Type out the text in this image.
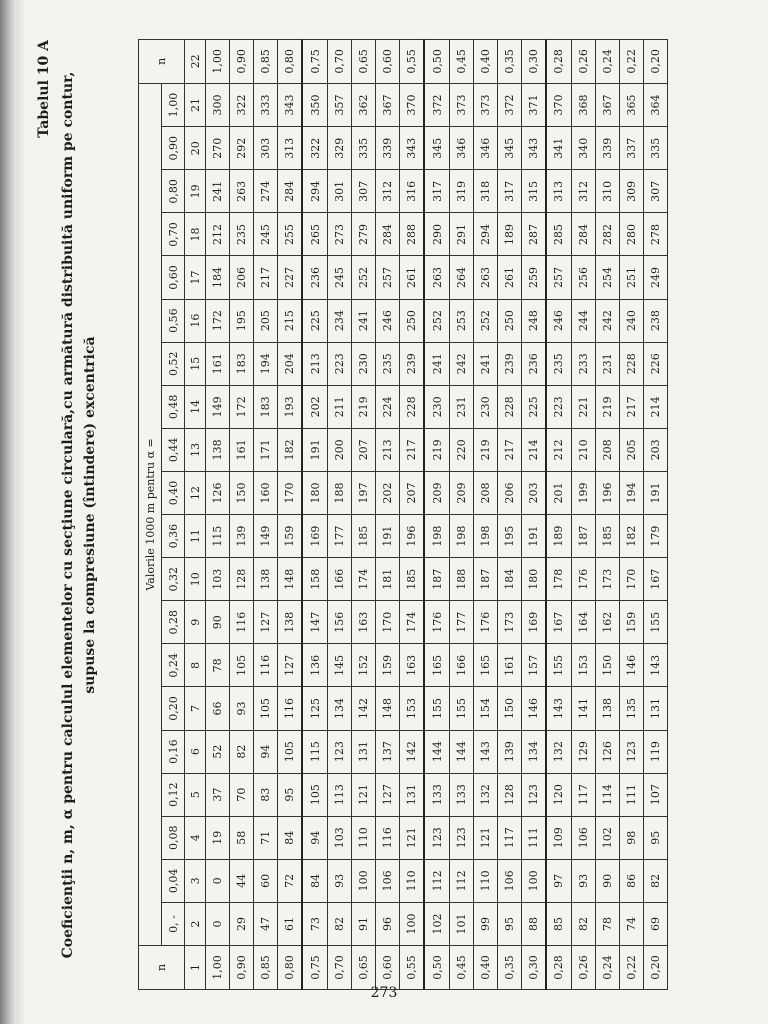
Tabelul 10 A Coeficienţii n, m, α pentru calculul elementelor cu secţiune circulară,cu armătură distribuită uniform pe contur, supuse la compresiune (întindere) excentrică
n	Valorile 1000 m pentru α =																				n
	0, -	0,04	0,08	0,12	0,16	0,20	0,24	0,28	0,32	0,36	0,40	0,44	0,48	0,52	0,56	0,60	0,70	0,80	0,90	1,00	
1	2	3	4	5	6	7	8	9	10	11	12	13	14	15	16	17	18	19	20	21	22
1,00	0	0	19	37	52	66	78	90	103	115	126	138	149	161	172	184	212	241	270	300	1,00
0,90	29	44	58	70	82	93	105	116	128	139	150	161	172	183	195	206	235	263	292	322	0,90
0,85	47	60	71	83	94	105	116	127	138	149	160	171	183	194	205	217	245	274	303	333	0,85
0,80	61	72	84	95	105	116	127	138	148	159	170	182	193	204	215	227	255	284	313	343	0,80
0,75	73	84	94	105	115	125	136	147	158	169	180	191	202	213	225	236	265	294	322	350	0,75
0,70	82	93	103	113	123	134	145	156	166	177	188	200	211	223	234	245	273	301	329	357	0,70
0,65	91	100	110	121	131	142	152	163	174	185	197	207	219	230	241	252	279	307	335	362	0,65
0,60	96	106	116	127	137	148	159	170	181	191	202	213	224	235	246	257	284	312	339	367	0,60
0,55	100	110	121	131	142	153	163	174	185	196	207	217	228	239	250	261	288	316	343	370	0,55
0,50	102	112	123	133	144	155	165	176	187	198	209	219	230	241	252	263	290	317	345	372	0,50
0,45	101	112	123	133	144	155	166	177	188	198	209	220	231	242	253	264	291	319	346	373	0,45
0,40	99	110	121	132	143	154	165	176	187	198	208	219	230	241	252	263	294	318	346	373	0,40
0,35	95	106	117	128	139	150	161	173	184	195	206	217	228	239	250	261	189	317	345	372	0,35
0,30	88	100	111	123	134	146	157	169	180	191	203	214	225	236	248	259	287	315	343	371	0,30
0,28	85	97	109	120	132	143	155	167	178	189	201	212	223	235	246	257	285	313	341	370	0,28
0,26	82	93	106	117	129	141	153	164	176	187	199	210	221	233	244	256	284	312	340	368	0,26
0,24	78	90	102	114	126	138	150	162	173	185	196	208	219	231	242	254	282	310	339	367	0,24
0,22	74	86	98	111	123	135	146	159	170	182	194	205	217	228	240	251	280	309	337	365	0,22
0,20	69	82	95	107	119	131	143	155	167	179	191	203	214	226	238	249	278	307	335	364	0,20
273
